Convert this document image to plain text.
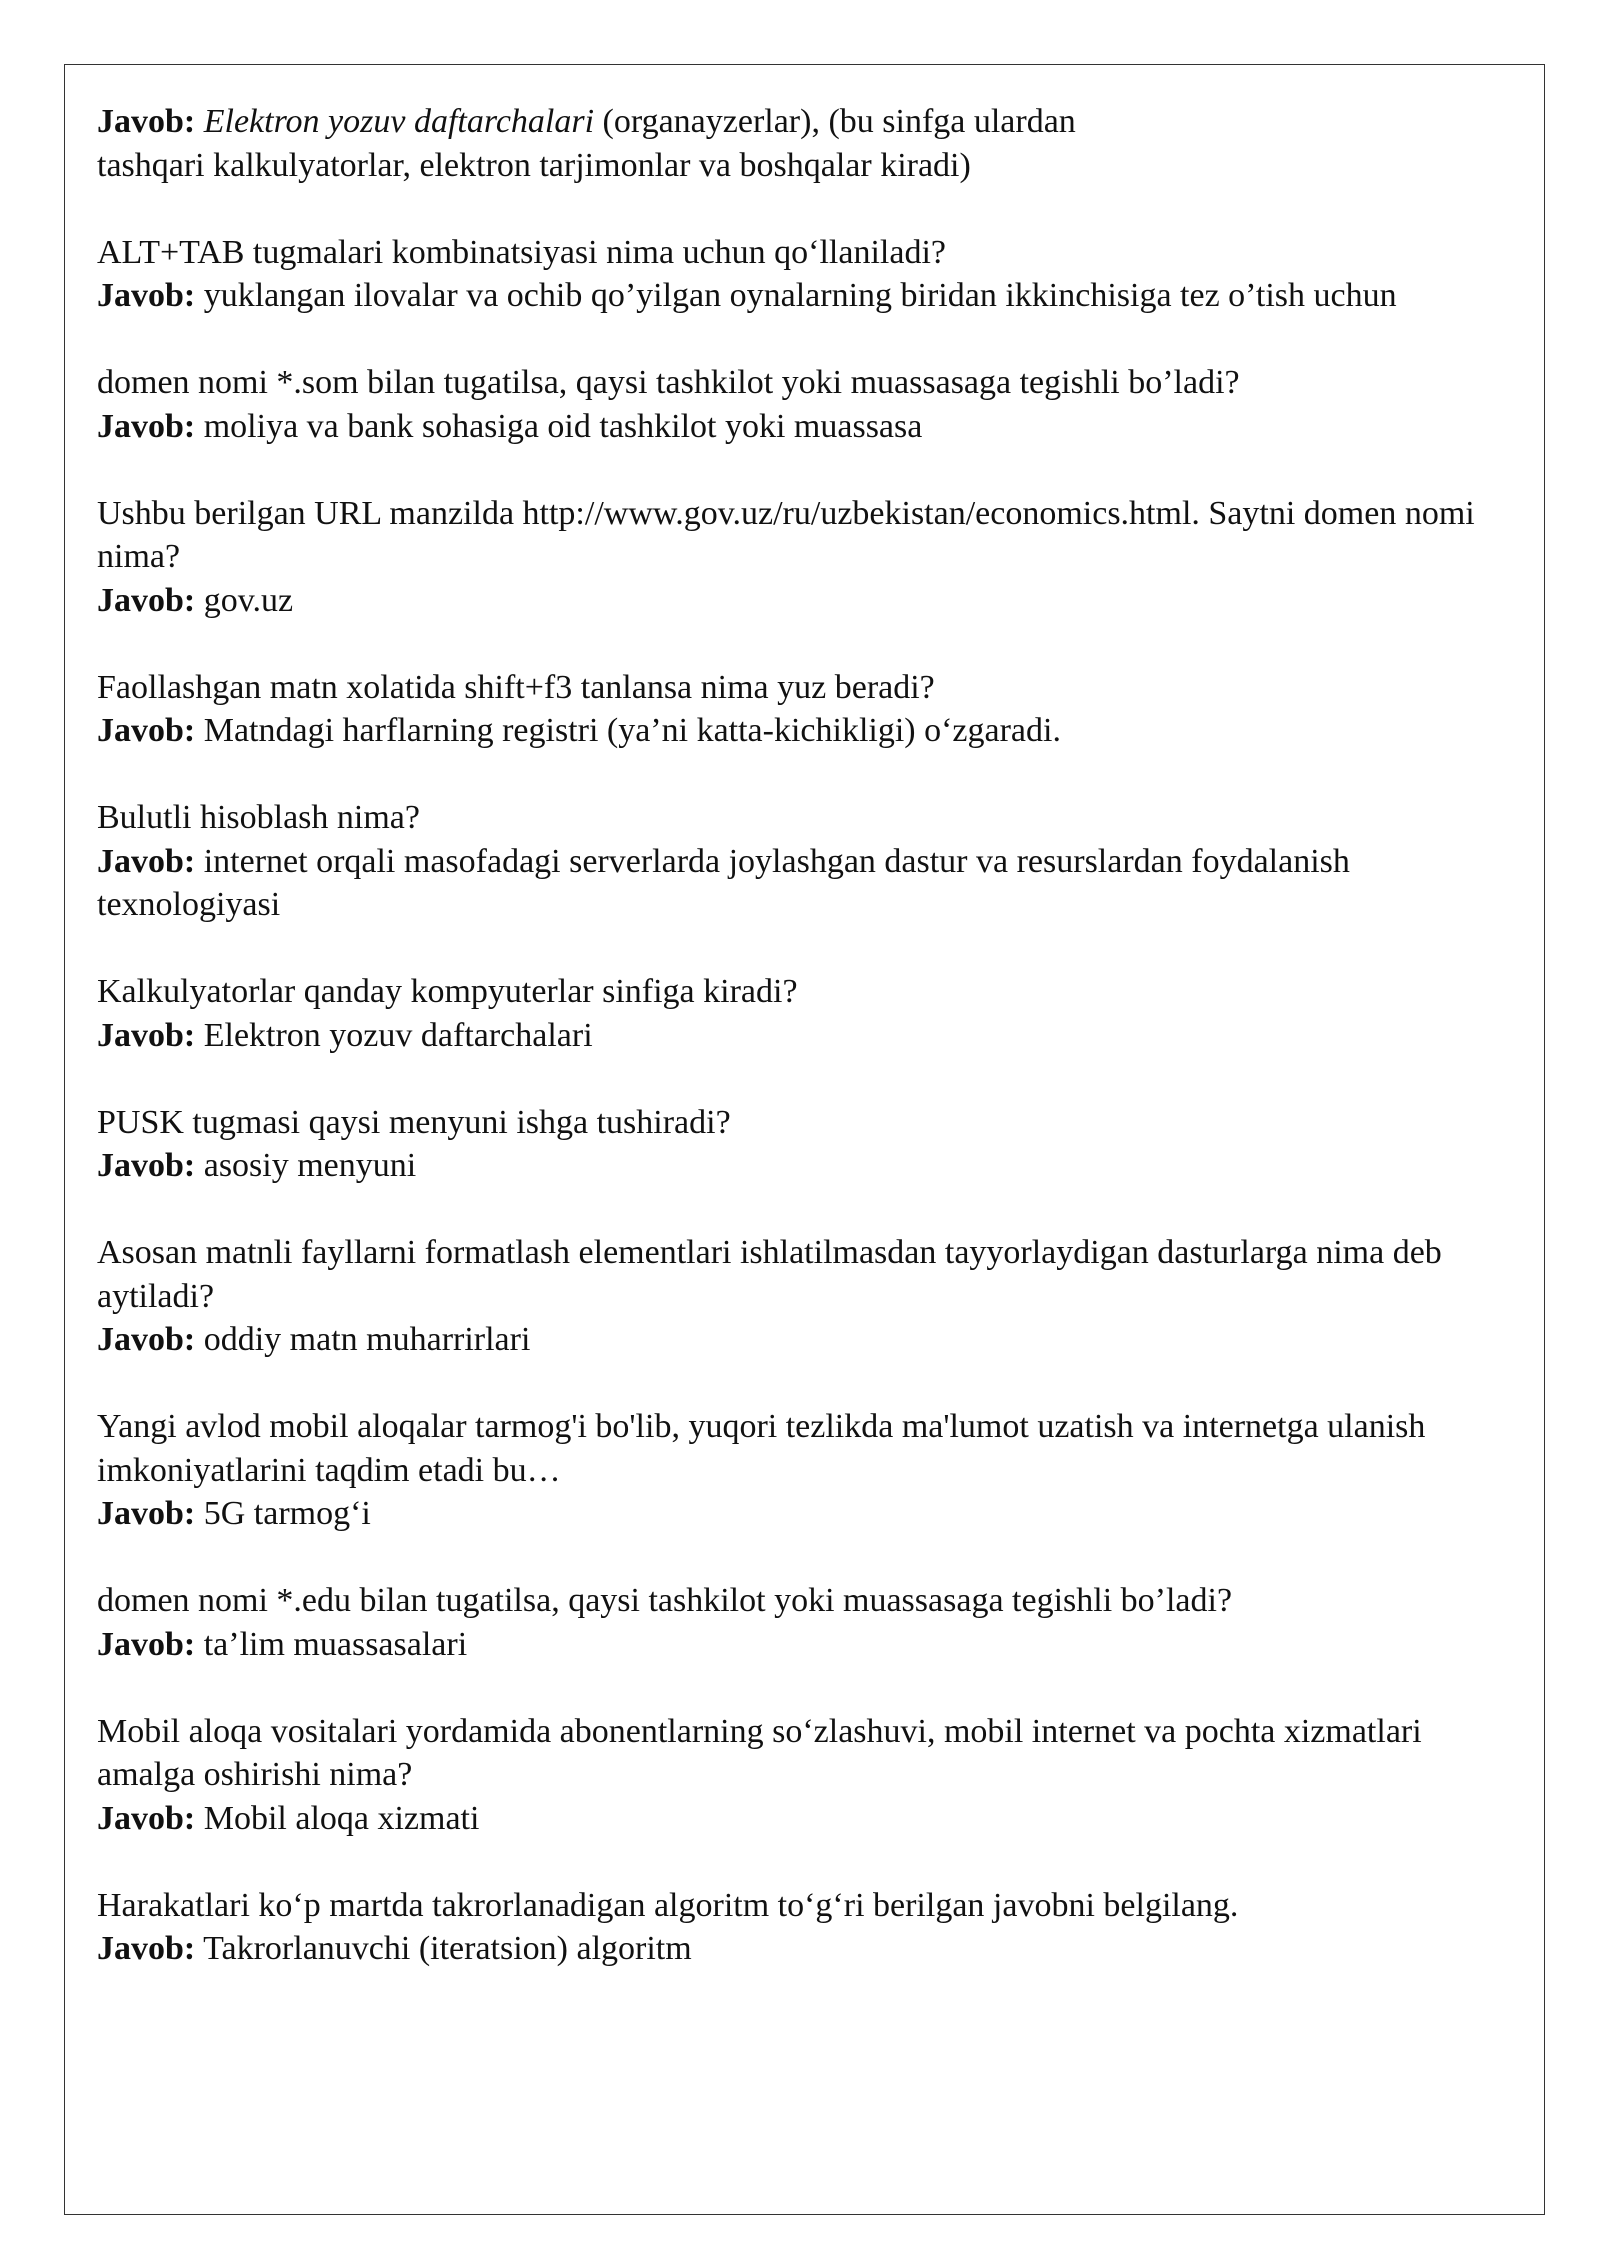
Javob: Elektron yozuv daftarchalari (organayzerlar), (bu sinfga ulardan tashqari kalkulyatorlar, elektron tarjimonlar va boshqalar kiradi)
ALT+TAB tugmalari kombinatsiyasi nima uchun qo‘llaniladi?
Javob: yuklangan ilovalar va ochib qo’yilgan oynalarning biridan ikkinchisiga tez o’tish uchun
domen nomi *.som bilan tugatilsa, qaysi tashkilot yoki muassasaga tegishli bo’ladi?
Javob: moliya va bank sohasiga oid tashkilot yoki muassasa
Ushbu berilgan URL manzilda http://www.gov.uz/ru/uzbekistan/economics.html. Saytni domen nomi nima?
Javob: gov.uz
Faollashgan matn xolatida shift+f3 tanlansa nima yuz beradi?
Javob: Matndagi harflarning registri (ya’ni katta-kichikligi) o‘zgaradi.
Bulutli hisoblash nima?
Javob: internet orqali masofadagi serverlarda joylashgan dastur va resurslardan foydalanish texnologiyasi
Kalkulyatorlar qanday kompyuterlar sinfiga kiradi?
Javob: Elektron yozuv daftarchalari
PUSK tugmasi qaysi menyuni ishga tushiradi?
Javob: asosiy menyuni
Asosan matnli fayllarni formatlash elementlari ishlatilmasdan tayyorlaydigan dasturlarga nima deb aytiladi?
Javob: oddiy matn muharrirlari
Yangi avlod mobil aloqalar tarmog'i bo'lib, yuqori tezlikda ma'lumot uzatish va internetga ulanish imkoniyatlarini taqdim etadi bu…
Javob: 5G tarmog‘i
domen nomi *.edu bilan tugatilsa, qaysi tashkilot yoki muassasaga tegishli bo’ladi?
Javob: ta’lim muassasalari
Mobil aloqa vositalari yordamida abonentlarning so‘zlashuvi, mobil internet va pochta xizmatlari amalga oshirishi nima?
Javob: Mobil aloqa xizmati
Harakatlari ko‘p martda takrorlanadigan algoritm to‘g‘ri berilgan javobni belgilang.
Javob: Takrorlanuvchi (iteratsion) algoritm
